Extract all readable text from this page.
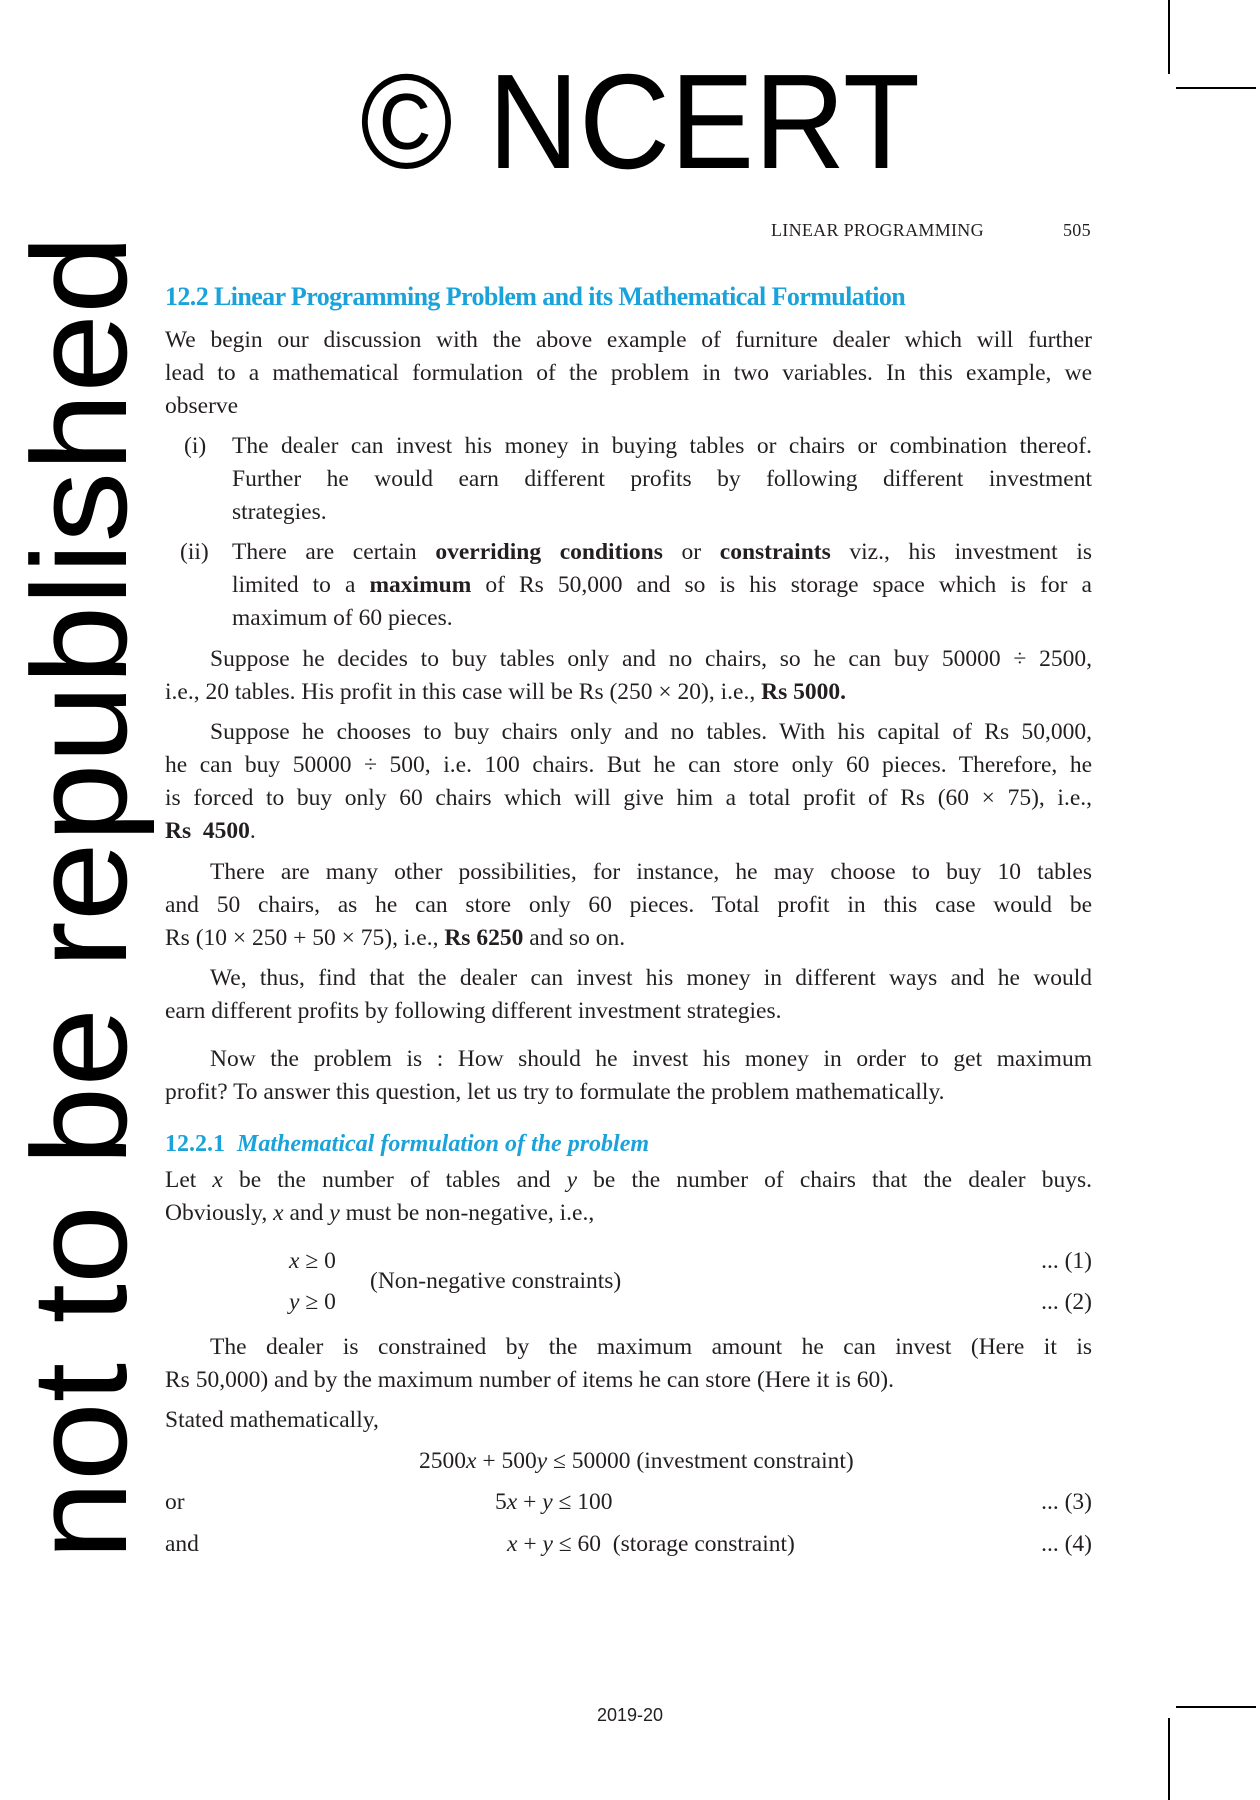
LINEAR PROGRAMMING	505
12.2 Linear Programming Problem and its Mathematical Formulation
We begin our discussion with the above example of furniture dealer which will further
lead to a mathematical formulation of the problem in two variables. In this example, we
observe
(i) The dealer can invest his money in buying tables or chairs or combination thereof.
Further he would earn different profits by following different investment
strategies.
(ii) There are certain overriding conditions or constraints viz., his investment is
limited to a maximum of Rs 50,000 and so is his storage space which is for a
maximum of 60 pieces.
Suppose he decides to buy tables only and no chairs, so he can buy 50000 ÷ 2500,
i.e., 20 tables. His profit in this case will be Rs (250 × 20), i.e., Rs 5000.
Suppose he chooses to buy chairs only and no tables. With his capital of Rs 50,000,
he can buy 50000 ÷ 500, i.e. 100 chairs. But he can store only 60 pieces. Therefore, he
is forced to buy only 60 chairs which will give him a total profit of Rs (60 × 75), i.e.,
Rs  4500.
There are many other possibilities, for instance, he may choose to buy 10 tables
and 50 chairs, as he can store only 60 pieces. Total profit in this case would be
Rs (10 × 250 + 50 × 75), i.e., Rs 6250 and so on.
We, thus, find that the dealer can invest his money in different ways and he would
earn different profits by following different investment strategies.
Now the problem is : How should he invest his money in order to get maximum
profit? To answer this question, let us try to formulate the problem mathematically.
12.2.1 Mathematical formulation of the problem
Let x be the number of tables and y be the number of chairs that the dealer buys.
Obviously, x and y must be non-negative, i.e.,
x ≥ 0
y ≥ 0
(Non-negative constraints)
... (1)
... (2)
The dealer is constrained by the maximum amount he can invest (Here it is
Rs 50,000) and by the maximum number of items he can store (Here it is 60).
Stated mathematically,
2500x + 500y ≤ 50000 (investment constraint)
or	5x + y ≤ 100	... (3)
and	x + y ≤ 60  (storage constraint)	... (4)
2019-20
© NCERT
not to be republished
